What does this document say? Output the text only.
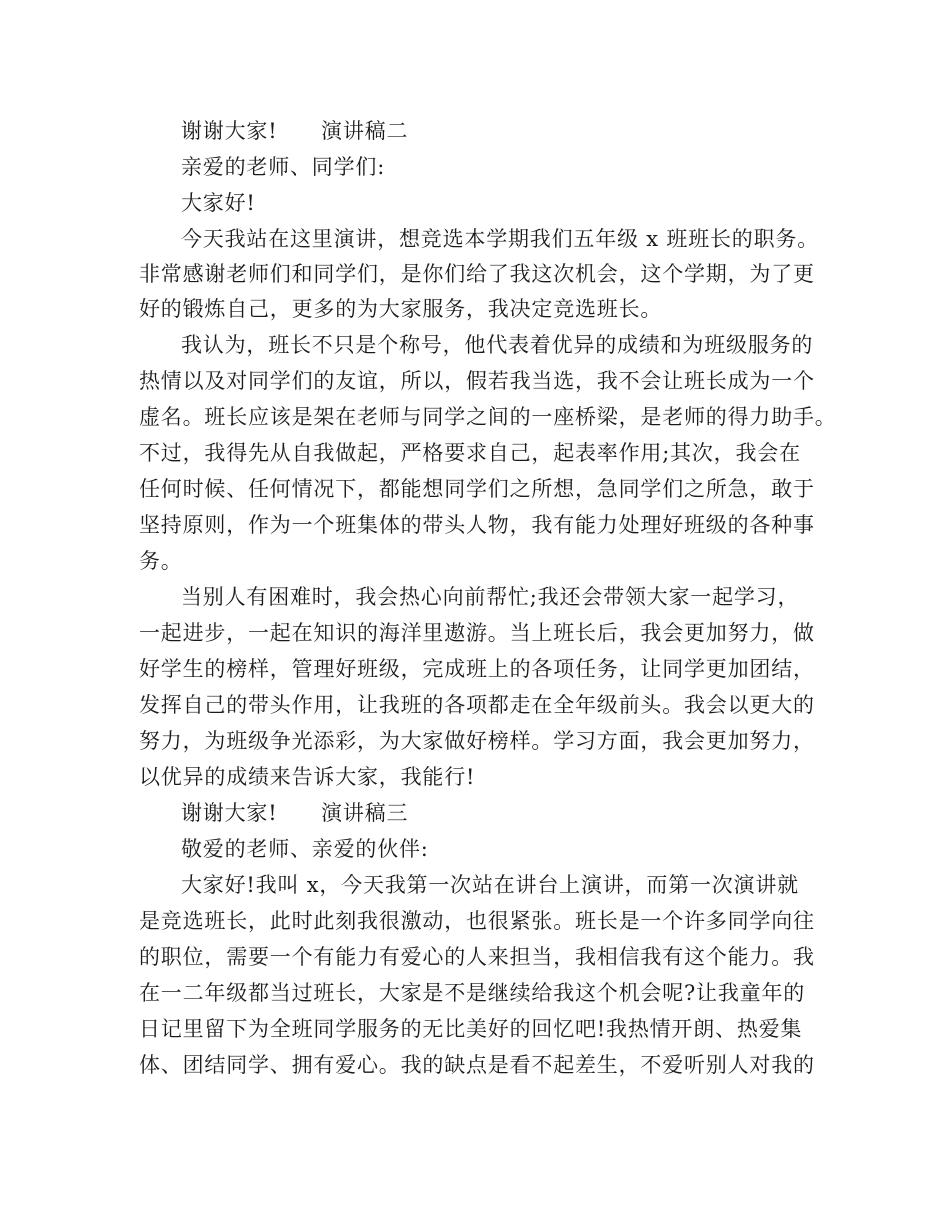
谢谢大家!　　演讲稿二
亲爱的老师、同学们:
大家好!
今天我站在这里演讲，想竞选本学期我们五年级 x 班班长的职务。
非常感谢老师们和同学们，是你们给了我这次机会，这个学期，为了更
好的锻炼自己，更多的为大家服务，我决定竞选班长。
我认为，班长不只是个称号，他代表着优异的成绩和为班级服务的
热情以及对同学们的友谊，所以，假若我当选，我不会让班长成为一个
虚名。班长应该是架在老师与同学之间的一座桥梁，是老师的得力助手。
不过，我得先从自我做起，严格要求自己，起表率作用;其次，我会在
任何时候、任何情况下，都能想同学们之所想，急同学们之所急，敢于
坚持原则，作为一个班集体的带头人物，我有能力处理好班级的各种事
务。
当别人有困难时，我会热心向前帮忙;我还会带领大家一起学习，
一起进步，一起在知识的海洋里遨游。当上班长后，我会更加努力，做
好学生的榜样，管理好班级，完成班上的各项任务，让同学更加团结，
发挥自己的带头作用，让我班的各项都走在全年级前头。我会以更大的
努力，为班级争光添彩，为大家做好榜样。学习方面，我会更加努力，
以优异的成绩来告诉大家，我能行!
谢谢大家!　　演讲稿三
敬爱的老师、亲爱的伙伴:
大家好!我叫 x，今天我第一次站在讲台上演讲，而第一次演讲就
是竞选班长，此时此刻我很激动，也很紧张。班长是一个许多同学向往
的职位，需要一个有能力有爱心的人来担当，我相信我有这个能力。我
在一二年级都当过班长，大家是不是继续给我这个机会呢?让我童年的
日记里留下为全班同学服务的无比美好的回忆吧!我热情开朗、热爱集
体、团结同学、拥有爱心。我的缺点是看不起差生，不爱听别人对我的
